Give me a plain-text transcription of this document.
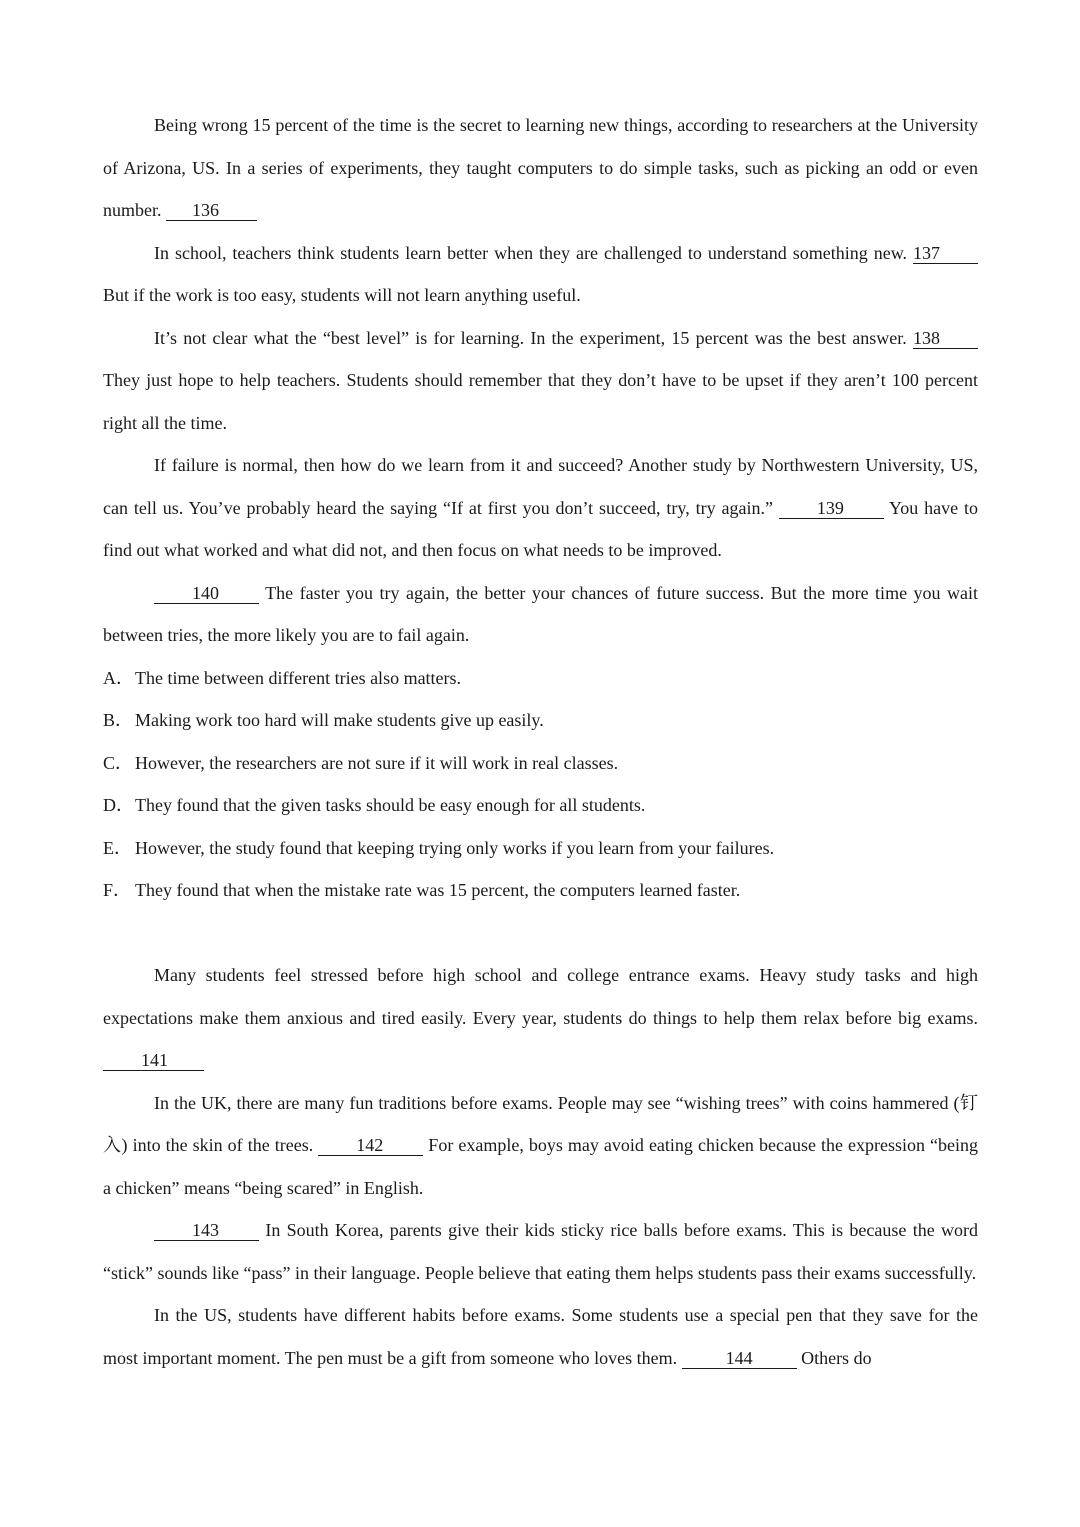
Being wrong 15 percent of the time is the secret to learning new things, according to researchers at the University of Arizona, US. In a series of experiments, they taught computers to do simple tasks, such as picking an odd or even number. 136

In school, teachers think students learn better when they are challenged to understand something new. 137 But if the work is too easy, students will not learn anything useful.

It’s not clear what the “best level” is for learning. In the experiment, 15 percent was the best answer. 138 They just hope to help teachers. Students should remember that they don’t have to be upset if they aren’t 100 percent right all the time.

If failure is normal, then how do we learn from it and succeed? Another study by Northwestern University, US, can tell us. You’ve probably heard the saying “If at first you don’t succeed, try, try again.” 139 You have to find out what worked and what did not, and then focus on what needs to be improved.

140 The faster you try again, the better your chances of future success. But the more time you wait between tries, the more likely you are to fail again.

A．The time between different tries also matters.
B． Making work too hard will make students give up easily.
C． However, the researchers are not sure if it will work in real classes.
D．They found that the given tasks should be easy enough for all students.
E． However, the study found that keeping trying only works if you learn from your failures.
F． They found that when the mistake rate was 15 percent, the computers learned faster.

Many students feel stressed before high school and college entrance exams. Heavy study tasks and high expectations make them anxious and tired easily. Every year, students do things to help them relax before big exams. 141

In the UK, there are many fun traditions before exams. People may see “wishing trees” with coins hammered (钉入) into the skin of the trees. 142 For example, boys may avoid eating chicken because the expression “being a chicken” means “being scared” in English.

143 In South Korea, parents give their kids sticky rice balls before exams. This is because the word “stick” sounds like “pass” in their language. People believe that eating them helps students pass their exams successfully.

In the US, students have different habits before exams. Some students use a special pen that they save for the most important moment. The pen must be a gift from someone who loves them. 144 Others do
